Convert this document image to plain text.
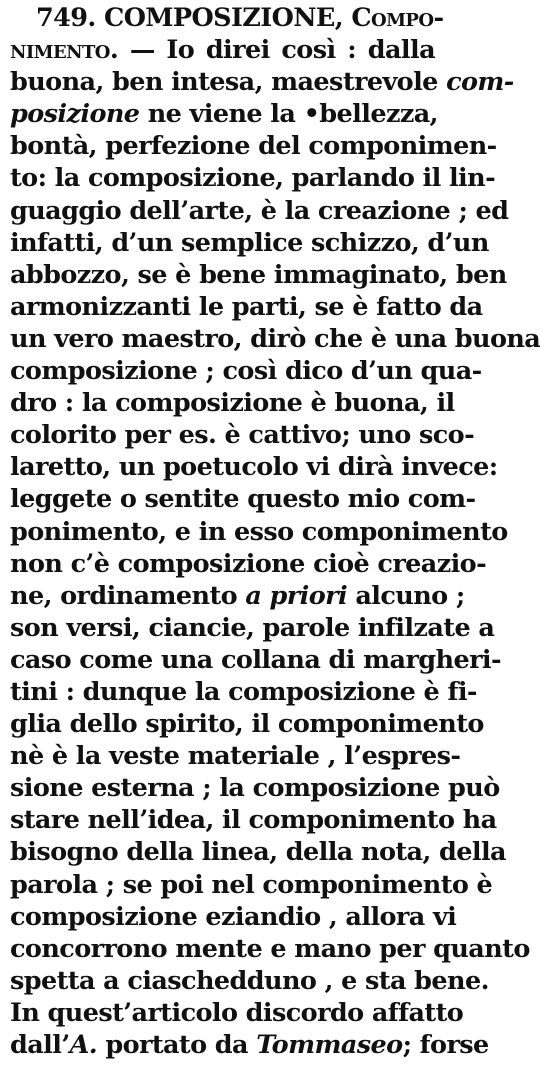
749. COMPOSIZIONE, Compo-
nimento. — Io direi così : dalla
buona, ben intesa, maestrevole com-
posizione ne viene la •bellezza,
bontà, perfezione del componimen-
to: la composizione, parlando il lin-
guaggio dell’arte, è la creazione ; ed
infatti, d’un semplice schizzo, d’un
abbozzo, se è bene immaginato, ben
armonizzanti le parti, se è fatto da
un vero maestro, dirò che è una buona
composizione ; così dico d’un qua-
dro : la composizione è buona, il
colorito per es. è cattivo; uno sco-
laretto, un poetucolo vi dirà invece:
leggete o sentite questo mio com-
ponimento, e in esso componimento
non c’è composizione cioè creazio-
ne, ordinamento a priori alcuno ;
son versi, ciancie, parole infilzate a
caso come una collana di margheri-
tini : dunque la composizione è fi-
glia dello spirito, il componimento
nè è la veste materiale , l’espres-
sione esterna ; la composizione può
stare nell’idea, il componimento ha
bisogno della linea, della nota, della
parola ; se poi nel componimento è
composizione eziandio , allora vi
concorrono mente e mano per quanto
spetta a ciaschedduno , e sta bene.
In quest’articolo discordo affatto
dall’A. portato da Tommaseo; forse
